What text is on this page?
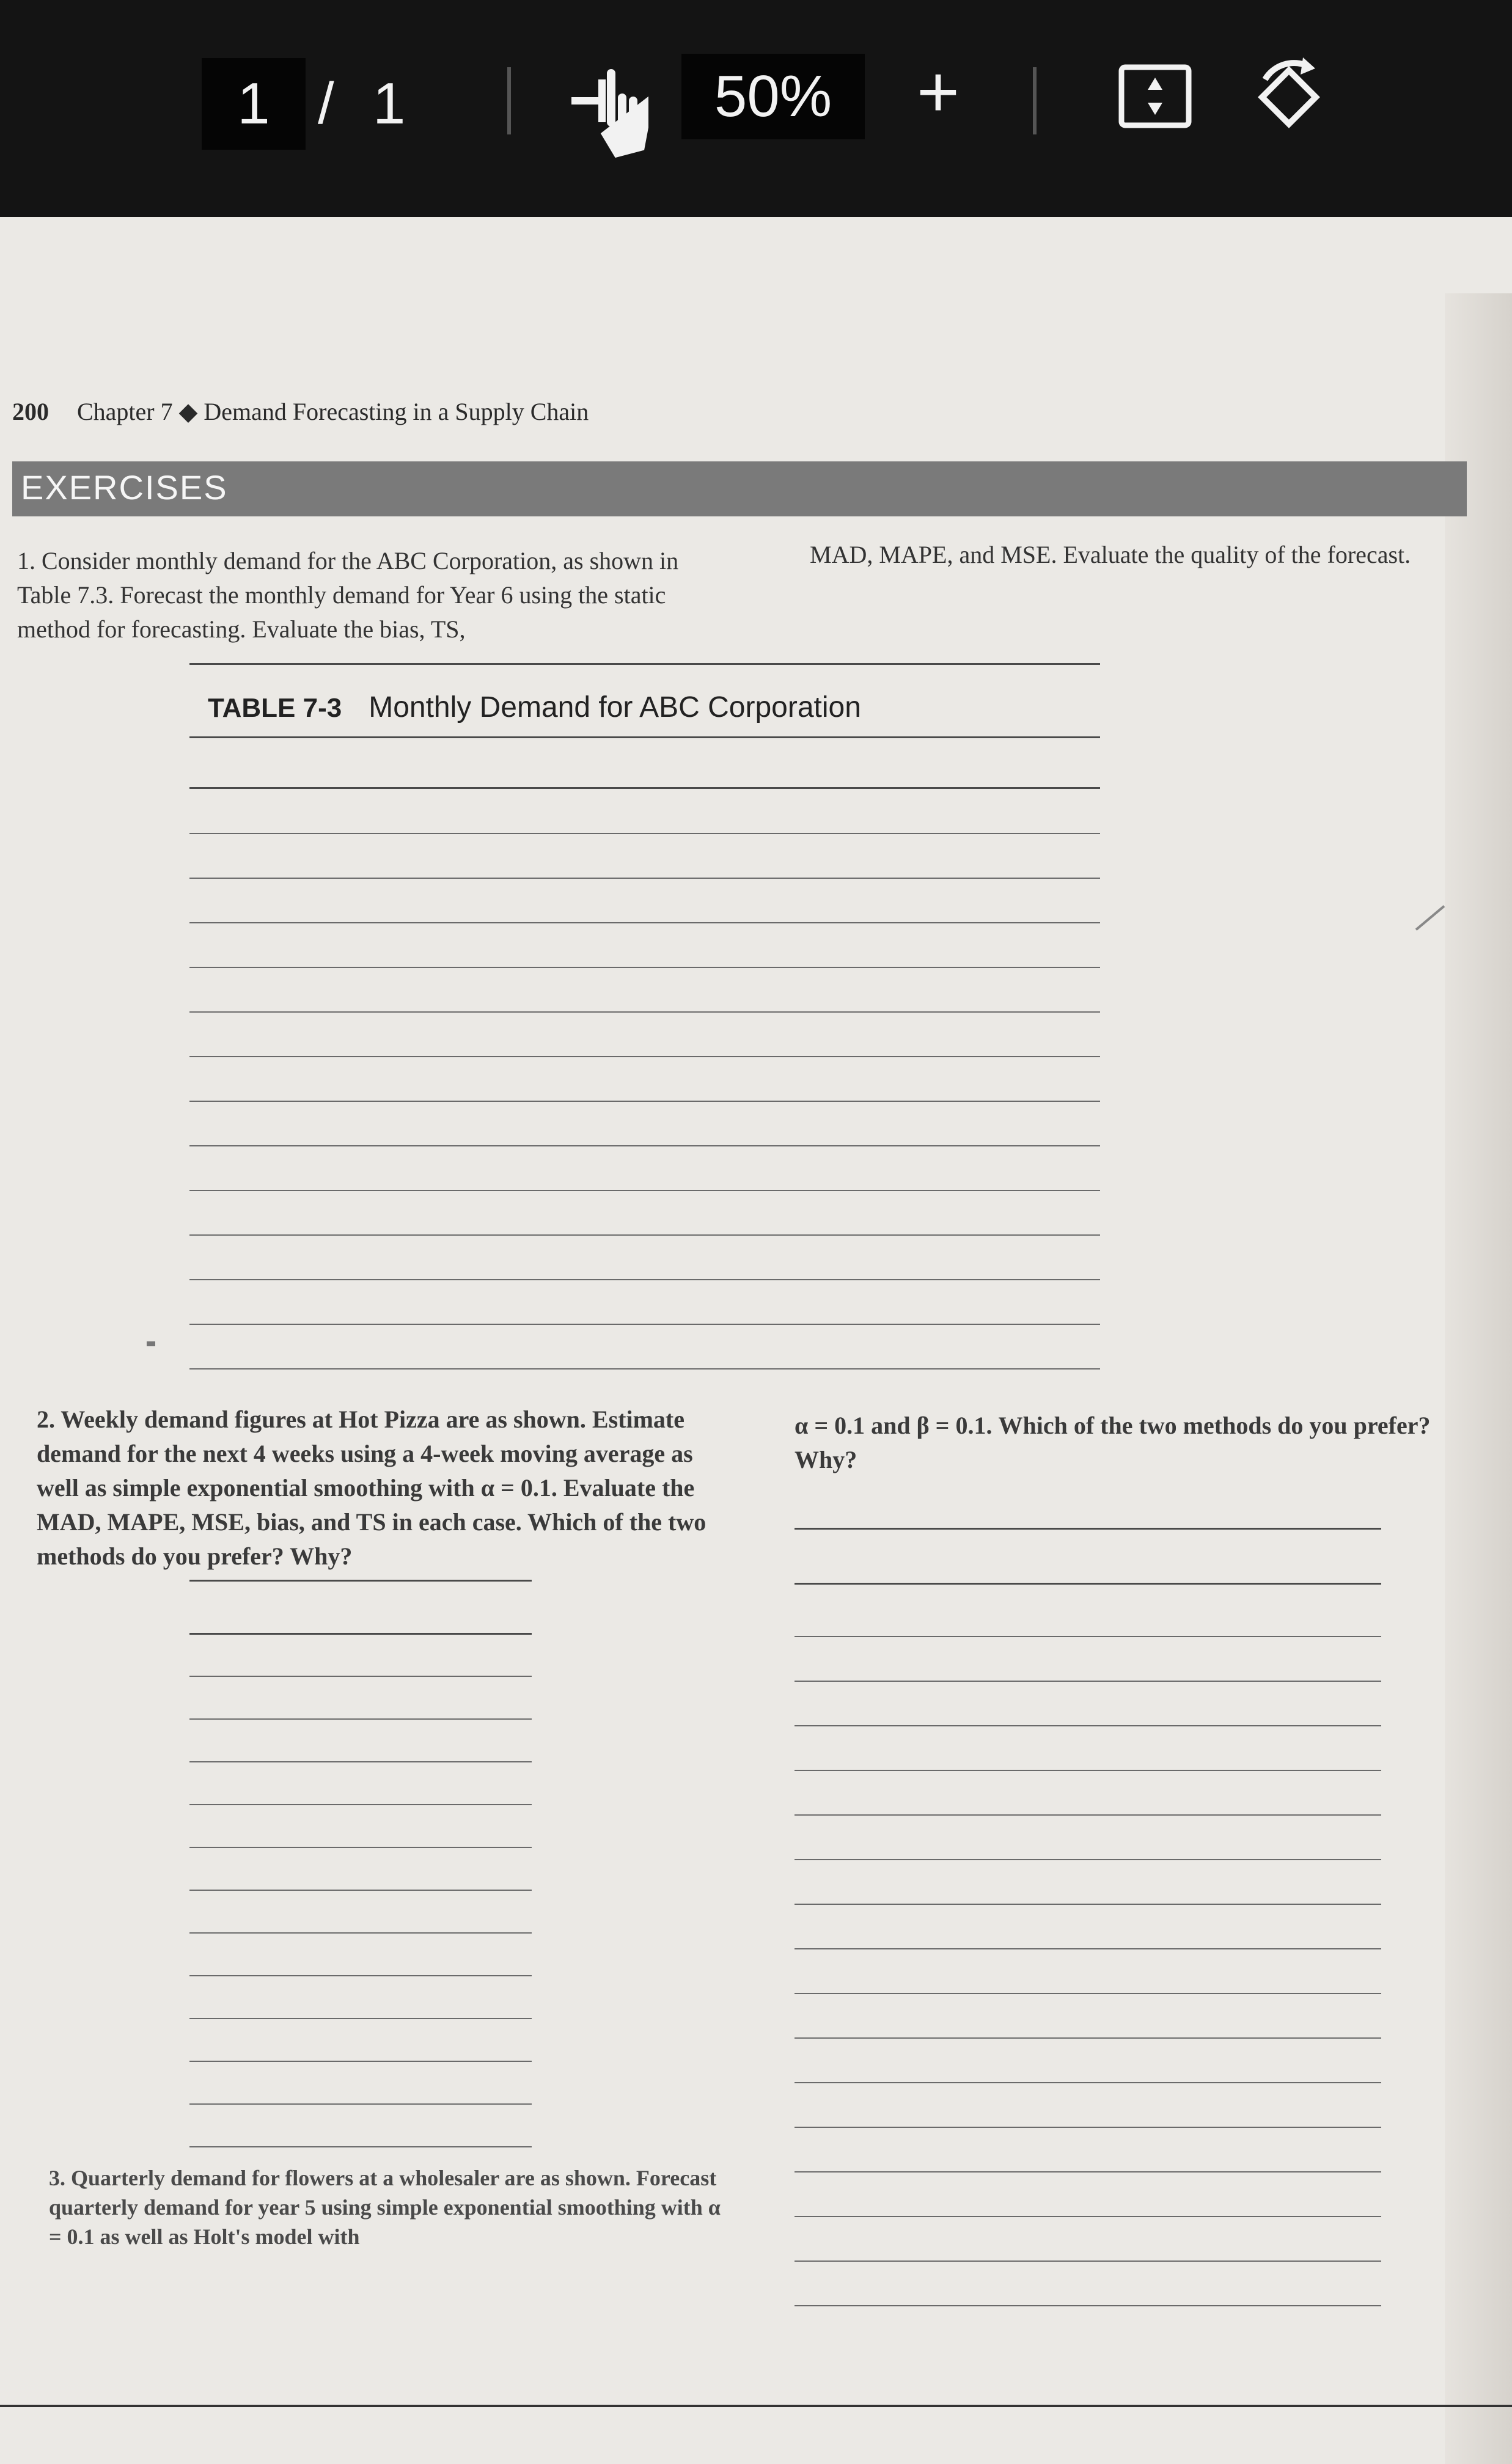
1 / 1	50%	+
200 Chapter 7 ◆ Demand Forecasting in a Supply Chain
EXERCISES
1. Consider monthly demand for the ABC Corporation, as shown in Table 7.3. Forecast the monthly demand for Year 6 using the static method for forecasting. Evaluate the bias, TS,
MAD, MAPE, and MSE. Evaluate the quality of the forecast.
TABLE 7-3 Monthly Demand for ABC Corporation
2. Weekly demand figures at Hot Pizza are as shown. Estimate demand for the next 4 weeks using a 4-week moving average as well as simple exponential smoothing with α = 0.1. Evaluate the MAD, MAPE, MSE, bias, and TS in each case. Which of the two methods do you prefer? Why?
α = 0.1 and β = 0.1. Which of the two methods do you prefer? Why?
3. Quarterly demand for flowers at a wholesaler are as shown. Forecast quarterly demand for year 5 using simple exponential smoothing with α = 0.1 as well as Holt's model with
